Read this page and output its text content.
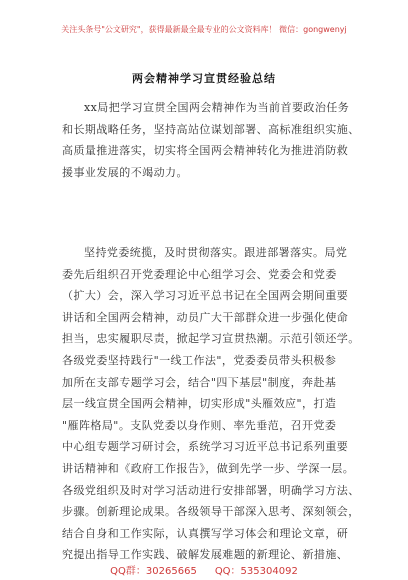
关注头条号"公文研究"，获得最新最全最专业的公文资料库！ 微信：gongwenyj
两会精神学习宣贯经验总结
xx局把学习宣贯全国两会精神作为当前首要政治任务
和长期战略任务，坚持高站位谋划部署、高标准组织实施、
高质量推进落实，切实将全国两会精神转化为推进消防救
援事业发展的不竭动力。
坚持党委统揽，及时贯彻落实。跟进部署落实。局党
委先后组织召开党委理论中心组学习会、党委会和党委
（扩大）会，深入学习习近平总书记在全国两会期间重要
讲话和全国两会精神，动员广大干部群众进一步强化使命
担当，忠实履职尽责，掀起学习宣贯热潮。示范引领还学。
各级党委坚持践行"一线工作法"，党委委员带头积极参
加所在支部专题学习会，结合"四下基层"制度，奔赴基
层一线宣贯全国两会精神，切实形成"头雁效应"，打造
"雁阵格局"。支队党委以身作则、率先垂范，召开党委
中心组专题学习研讨会，系统学习习近平总书记系列重要
讲话精神和《政府工作报告》，做到先学一步、学深一层。
各级党组织及时对学习活动进行安排部署，明确学习方法、
步骤。创新理论成果。各级领导干部深入思考、深刻领会，
结合自身和工作实际，认真撰写学习体会和理论文章，研
究提出指导工作实践、破解发展难题的新理论、新措施、
QQ群：30265665 QQ：535304092
